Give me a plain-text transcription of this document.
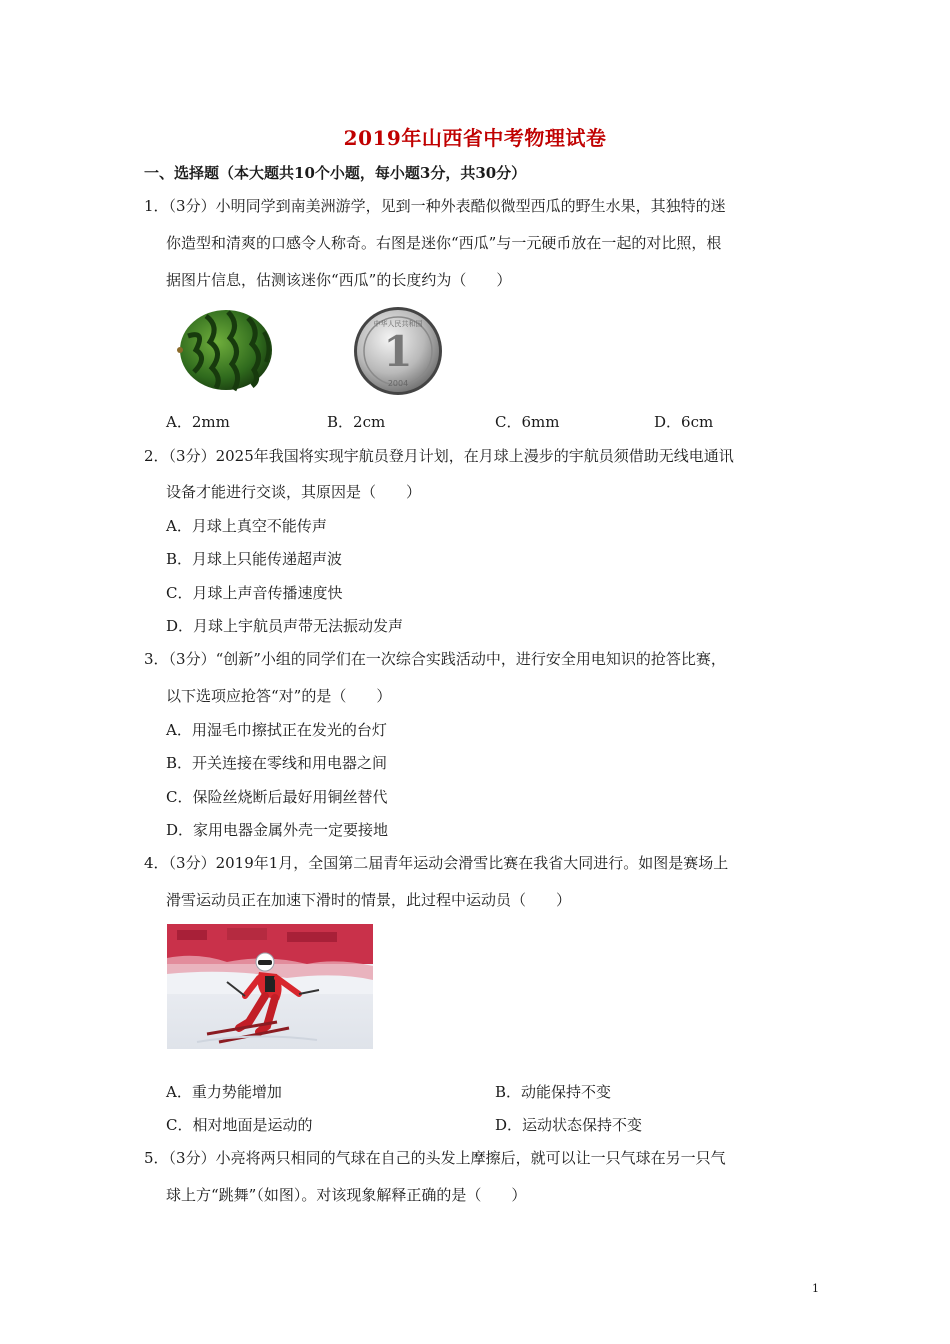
2019年山西省中考物理试卷
一、选择题（本大题共10个小题，每小题3分，共30分）
1．（3分）小明同学到南美洲游学，见到一种外表酷似微型西瓜的野生水果，其独特的迷
你造型和清爽的口感令人称奇。右图是迷你“西瓜”与一元硬币放在一起的对比照，根
据图片信息，估测该迷你“西瓜”的长度约为（　　）
1
中华人民共和国
2004
A．2mm	B．2cm	C．6mm	D．6cm
2．（3分）2025年我国将实现宇航员登月计划，在月球上漫步的宇航员须借助无线电通讯
设备才能进行交谈，其原因是（　　）
A．月球上真空不能传声
B．月球上只能传递超声波
C．月球上声音传播速度快
D．月球上宇航员声带无法振动发声
3．（3分）“创新”小组的同学们在一次综合实践活动中，进行安全用电知识的抢答比赛，
以下选项应抢答“对”的是（　　）
A．用湿毛巾擦拭正在发光的台灯
B．开关连接在零线和用电器之间
C．保险丝烧断后最好用铜丝替代
D．家用电器金属外壳一定要接地
4．（3分）2019年1月，全国第二届青年运动会滑雪比赛在我省大同进行。如图是赛场上
滑雪运动员正在加速下滑时的情景，此过程中运动员（　　）
A．重力势能增加	B．动能保持不变
C．相对地面是运动的	D．运动状态保持不变
5．（3分）小亮将两只相同的气球在自己的头发上摩擦后，就可以让一只气球在另一只气
球上方“跳舞”（如图）。对该现象解释正确的是（　　）
1
